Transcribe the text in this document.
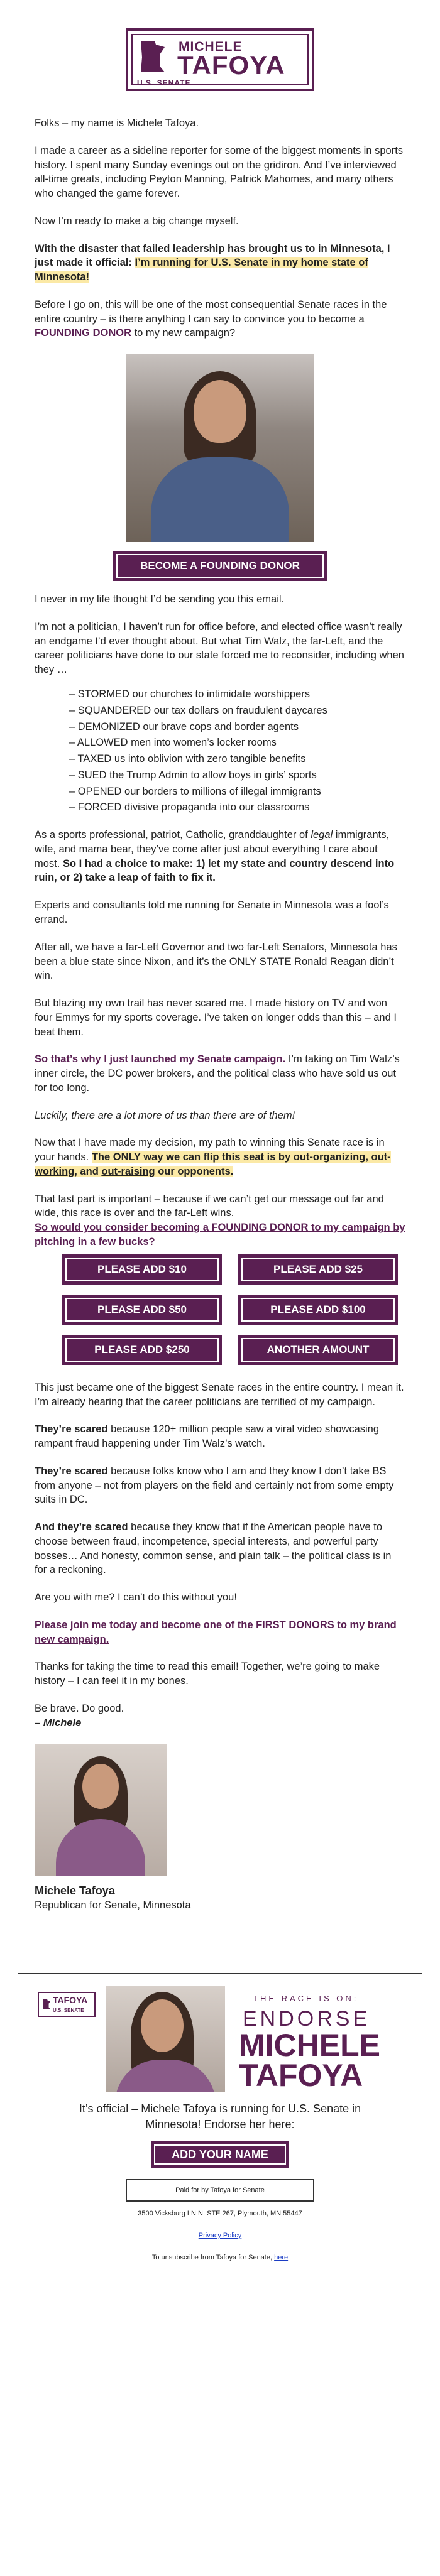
MICHELE
TAFOYA
U.S. SENATE

Folks – my name is Michele Tafoya.

I made a career as a sideline reporter for some of the biggest moments in sports history. I spent many Sunday evenings out on the gridiron. And I’ve interviewed all-time greats, including Peyton Manning, Patrick Mahomes, and many others who changed the game forever.

Now I’m ready to make a big change myself.

With the disaster that failed leadership has brought us to in Minnesota, I just made it official: I’m running for U.S. Senate in my home state of Minnesota!

Before I go on, this will be one of the most consequential Senate races in the entire country – is there anything I can say to convince you to become a FOUNDING DONOR to my new campaign?

BECOME A FOUNDING DONOR

I never in my life thought I’d be sending you this email.

I’m not a politician, I haven’t run for office before, and elected office wasn’t really an endgame I’d ever thought about. But what Tim Walz, the far-Left, and the career politicians have done to our state forced me to reconsider, including when they …

– STORMED our churches to intimidate worshippers
– SQUANDERED our tax dollars on fraudulent daycares
– DEMONIZED our brave cops and border agents
– ALLOWED men into women’s locker rooms
– TAXED us into oblivion with zero tangible benefits
– SUED the Trump Admin to allow boys in girls’ sports
– OPENED our borders to millions of illegal immigrants
– FORCED divisive propaganda into our classrooms

As a sports professional, patriot, Catholic, granddaughter of legal immigrants, wife, and mama bear, they’ve come after just about everything I care about most. So I had a choice to make: 1) let my state and country descend into ruin, or 2) take a leap of faith to fix it.

Experts and consultants told me running for Senate in Minnesota was a fool’s errand.

After all, we have a far-Left Governor and two far-Left Senators, Minnesota has been a blue state since Nixon, and it’s the ONLY STATE Ronald Reagan didn’t win.

But blazing my own trail has never scared me. I made history on TV and won four Emmys for my sports coverage. I’ve taken on longer odds than this – and I beat them.

So that’s why I just launched my Senate campaign. I’m taking on Tim Walz’s inner circle, the DC power brokers, and the political class who have sold us out for too long.

Luckily, there are a lot more of us than there are of them!

Now that I have made my decision, my path to winning this Senate race is in your hands. The ONLY way we can flip this seat is by out-organizing, out-working, and out-raising our opponents.

That last part is important – because if we can’t get our message out far and wide, this race is over and the far-Left wins.
So would you consider becoming a FOUNDING DONOR to my campaign by pitching in a few bucks?

PLEASE ADD $10	PLEASE ADD $25
PLEASE ADD $50	PLEASE ADD $100
PLEASE ADD $250	ANOTHER AMOUNT

This just became one of the biggest Senate races in the entire country. I mean it. I’m already hearing that the career politicians are terrified of my campaign.

They’re scared because 120+ million people saw a viral video showcasing rampant fraud happening under Tim Walz’s watch.

They’re scared because folks know who I am and they know I don’t take BS from anyone – not from players on the field and certainly not from some empty suits in DC.

And they’re scared because they know that if the American people have to choose between fraud, incompetence, special interests, and powerful party bosses… And honesty, common sense, and plain talk – the political class is in for a reckoning.

Are you with me? I can’t do this without you!

Please join me today and become one of the FIRST DONORS to my brand new campaign.

Thanks for taking the time to read this email! Together, we’re going to make history – I can feel it in my bones.

Be brave. Do good.
– Michele

Michele Tafoya

Republican for Senate, Minnesota

TAFOYA
U.S. SENATE
THE RACE IS ON:
ENDORSE
MICHELE
TAFOYA
It’s official – Michele Tafoya is running for U.S. Senate in Minnesota! Endorse her here:
ADD YOUR NAME
Paid for by Tafoya for Senate
3500 Vicksburg LN N. STE 267, Plymouth, MN 55447
Privacy Policy
To unsubscribe from Tafoya for Senate, here
